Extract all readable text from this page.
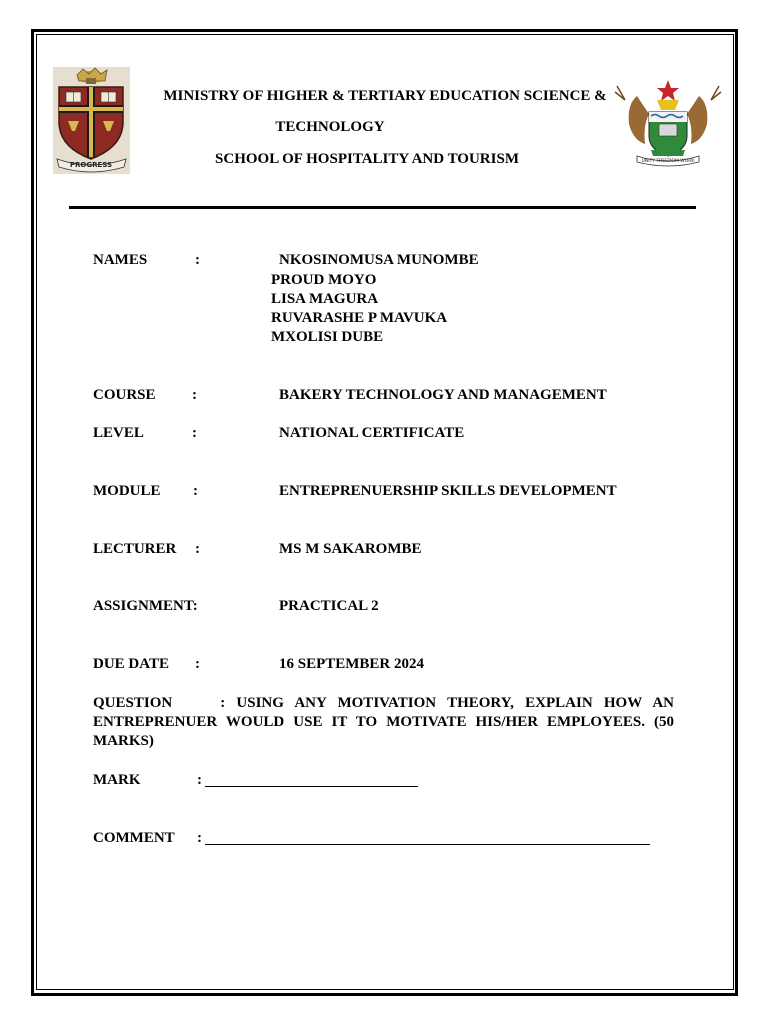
PROGRESS	UNITY FREEDOM WORK
MINISTRY OF HIGHER & TERTIARY EDUCATION SCIENCE &
TECHNOLOGY
SCHOOL OF HOSPITALITY AND TOURISM
NAMES	:	NKOSINOMUSA MUNOMBE
PROUD MOYO
LISA MAGURA
RUVARASHE P MAVUKA
MXOLISI DUBE
COURSE :	BAKERY TECHNOLOGY AND MANAGEMENT
LEVEL	:	NATIONAL CERTIFICATE
MODULE :	ENTREPRENUERSHIP SKILLS DEVELOPMENT
LECTURER :	MS M SAKAROMBE
ASSIGNMENT:	PRACTICAL 2
DUE DATE :	16 SEPTEMBER 2024
QUESTION	: USING ANY MOTIVATION THEORY, EXPLAIN HOW AN ENTREPRENUER WOULD USE IT TO MOTIVATE HIS/HER EMPLOYEES. (50 MARKS)
MARK	:
COMMENT :
